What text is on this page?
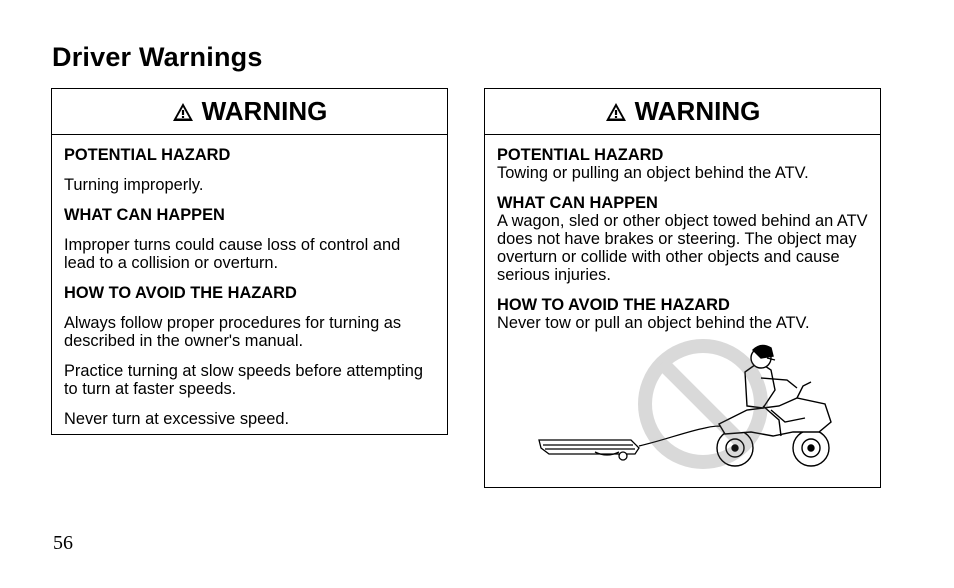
Driver Warnings
WARNING
POTENTIAL HAZARD
Turning improperly.
WHAT CAN HAPPEN
Improper turns could cause loss of control and lead to a collision or overturn.
HOW TO AVOID THE HAZARD
Always follow proper procedures for turning as described in the owner's manual.
Practice turning at slow speeds before attempting to turn at faster speeds.
Never turn at excessive speed.
WARNING
POTENTIAL HAZARD
Towing or pulling an object behind the ATV.
WHAT CAN HAPPEN
A wagon, sled or other object towed behind an ATV does not have brakes or steering. The object may overturn or collide with other objects and cause serious injuries.
HOW TO AVOID THE HAZARD
Never tow or pull an object behind the ATV.
56
